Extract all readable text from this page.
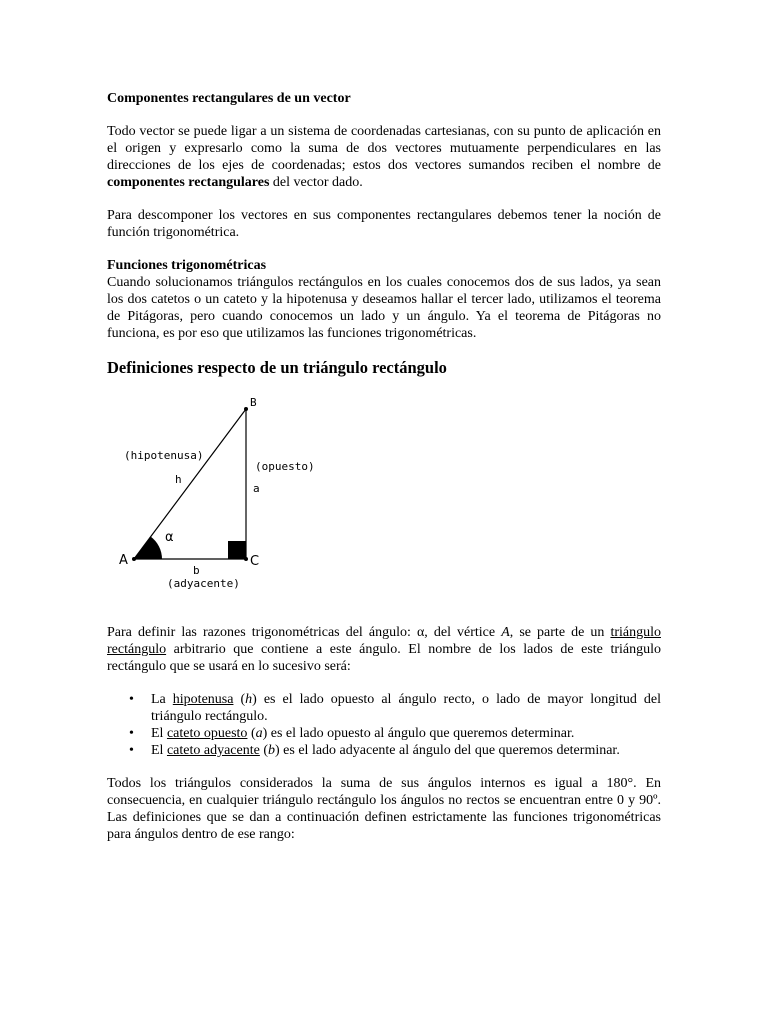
Componentes rectangulares de un vector

Todo vector se puede ligar a un sistema de coordenadas cartesianas, con su punto de aplicación en el origen y expresarlo como la suma de dos vectores mutuamente perpendiculares en las direcciones de los ejes de coordenadas; estos dos vectores sumandos reciben el nombre de componentes rectangulares del vector dado.

Para descomponer los vectores en sus componentes rectangulares debemos tener la noción de función trigonométrica.

Funciones trigonométricas

Cuando solucionamos triángulos rectángulos en los cuales conocemos dos de sus lados, ya sean los dos catetos o un cateto y la hipotenusa y deseamos hallar el tercer lado, utilizamos el teorema de Pitágoras, pero cuando conocemos un lado y un ángulo. Ya el teorema de Pitágoras no funciona, es por eso que utilizamos las funciones trigonométricas.

Definiciones respecto de un triángulo rectángulo
B
A	C
(hipotenusa)
h
(opuesto)
a
α
b
(adyacente)

Para definir las razones trigonométricas del ángulo: α, del vértice A, se parte de un triángulo rectángulo arbitrario que contiene a este ángulo. El nombre de los lados de este triángulo rectángulo que se usará en lo sucesivo será:

• La hipotenusa (h) es el lado opuesto al ángulo recto, o lado de mayor longitud del triángulo rectángulo.
• El cateto opuesto (a) es el lado opuesto al ángulo que queremos determinar.
• El cateto adyacente (b) es el lado adyacente al ángulo del que queremos determinar.

Todos los triángulos considerados la suma de sus ángulos internos es igual a 180°. En consecuencia, en cualquier triángulo rectángulo los ángulos no rectos se encuentran entre 0 y 90º. Las definiciones que se dan a continuación definen estrictamente las funciones trigonométricas para ángulos dentro de ese rango:
